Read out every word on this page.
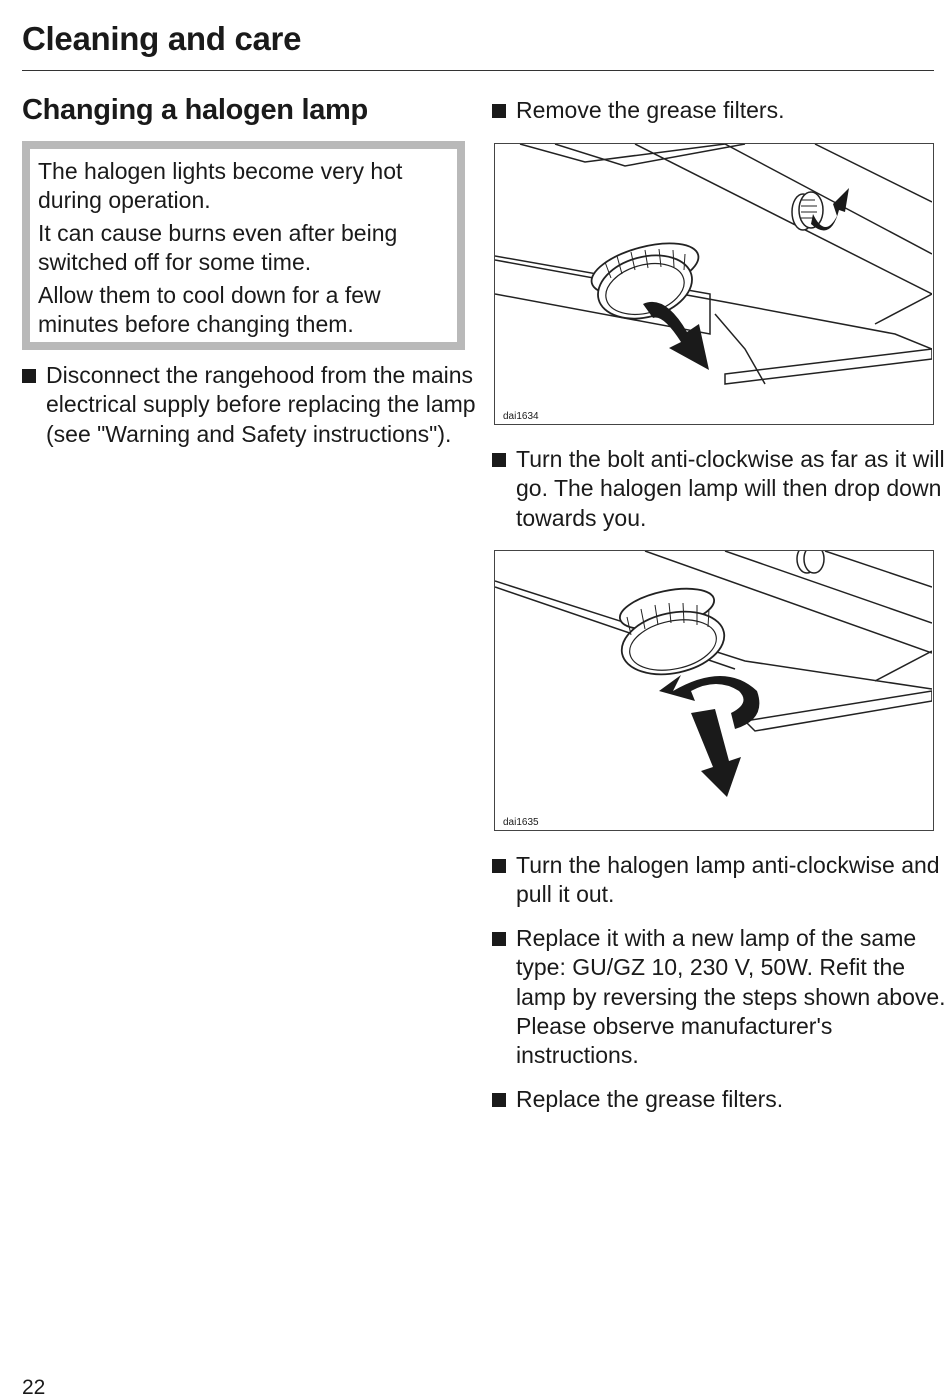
Cleaning and care
Changing a halogen lamp

The halogen lights become very hot during operation.

It can cause burns even after being switched off for some time.

Allow them to cool down for a few minutes before changing them.

Disconnect the rangehood from the mains electrical supply before replacing the lamp (see "Warning and Safety instructions").
Remove the grease filters.
dai1634
Turn the bolt anti-clockwise as far as it will go. The halogen lamp will then drop down towards you.
dai1635
Turn the halogen lamp anti-clockwise and pull it out.
Replace it with a new lamp of the same type: GU/GZ 10, 230 V, 50W. Refit the lamp by reversing the steps shown above. Please observe manufacturer's instructions.
Replace the grease filters.
22
